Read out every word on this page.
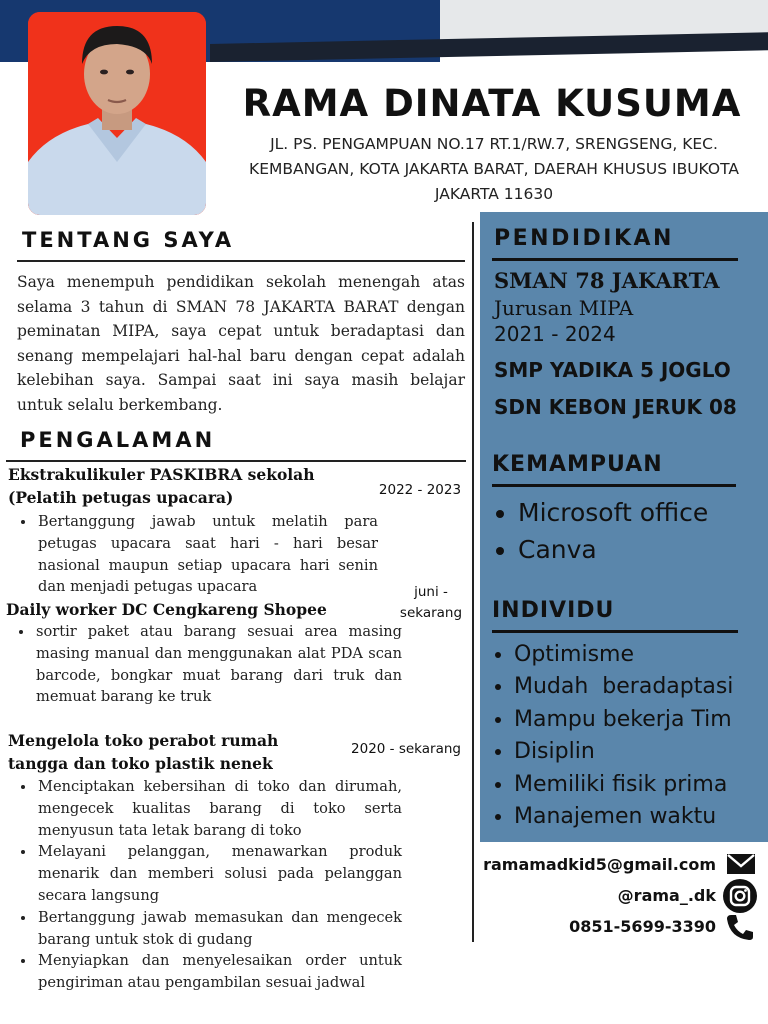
RAMA DINATA KUSUMA
JL. PS. PENGAMPUAN NO.17 RT.1/RW.7, SRENGSENG, KEC.
KEMBANGAN, KOTA JAKARTA BARAT, DAERAH KHUSUS IBUKOTA
JAKARTA 11630
TENTANG SAYA
Saya menempuh pendidikan sekolah menengah atas selama 3 tahun di SMAN 78 JAKARTA BARAT dengan peminatan MIPA, saya cepat untuk beradaptasi dan senang mempelajari hal-hal baru dengan cepat adalah kelebihan saya. Sampai saat ini saya masih belajar untuk selalu berkembang.
PENGALAMAN
Ekstrakulikuler PASKIBRA sekolah
(Pelatih petugas upacara)	2022 - 2023
• Bertanggung jawab untuk melatih para petugas upacara saat hari - hari besar nasional maupun setiap upacara hari senin dan menjadi petugas upacara
Daily worker DC Cengkareng Shopee
juni -
sekarang
• sortir paket atau barang sesuai area masing masing manual dan menggunakan alat PDA scan barcode, bongkar muat barang dari truk dan memuat barang ke truk
Mengelola toko perabot rumah
tangga dan toko plastik nenek
2020 - sekarang
• Menciptakan kebersihan di toko dan dirumah, mengecek kualitas barang di toko serta menyusun tata letak barang di toko
• Melayani pelanggan, menawarkan produk menarik dan memberi solusi pada pelanggan secara langsung
• Bertanggung jawab memasukan dan mengecek barang untuk stok di gudang
• Menyiapkan dan menyelesaikan order untuk pengiriman atau pengambilan sesuai jadwal
PENDIDIKAN
SMAN 78 JAKARTA
Jurusan MIPA
2021 - 2024
SMP YADIKA 5 JOGLO
SDN KEBON JERUK 08
KEMAMPUAN
• Microsoft office
• Canva
INDIVIDU
• Optimisme
• Mudah  beradaptasi
• Mampu bekerja Tim
• Disiplin
• Memiliki fisik prima
• Manajemen waktu
ramamadkid5@gmail.com
@rama_.dk
0851-5699-3390
